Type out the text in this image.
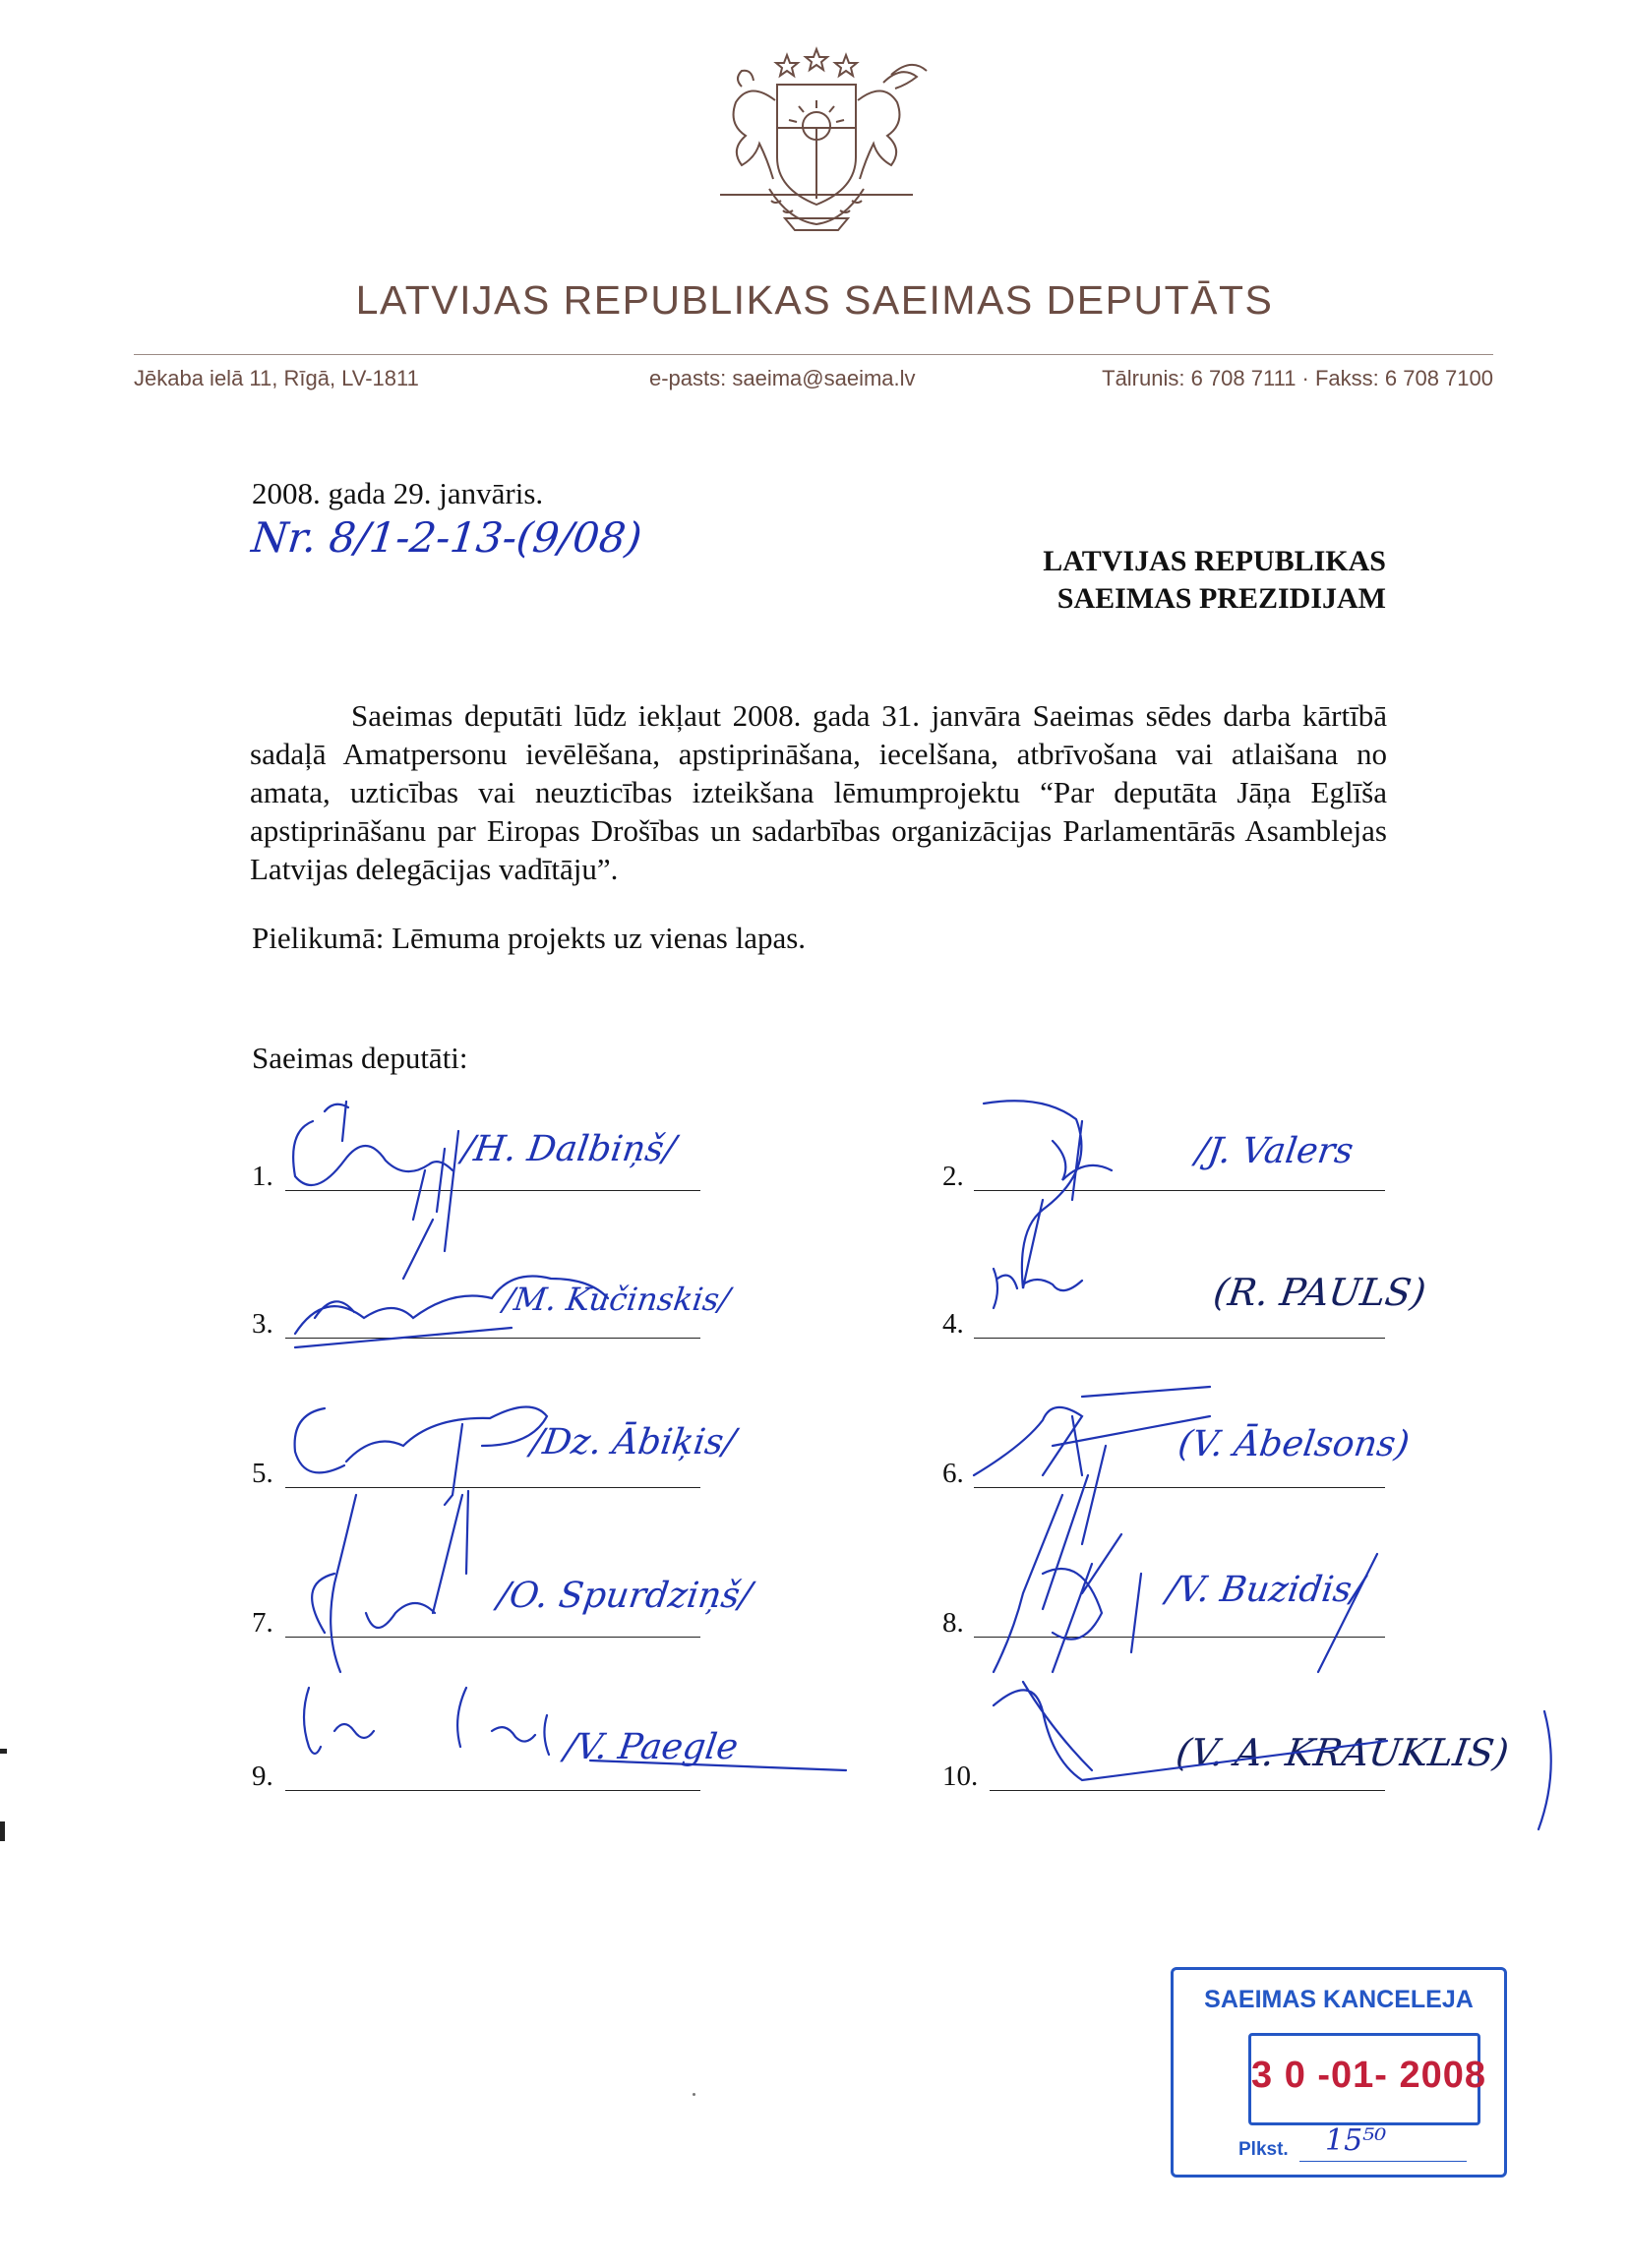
LATVIJAS REPUBLIKAS SAEIMAS DEPUTĀTS
Jēkaba ielā 11, Rīgā, LV-1811	e-pasts: saeima@saeima.lv	Tālrunis: 6 708 7111 · Fakss: 6 708 7100
2008. gada 29. janvāris.
Nr. 8/1-2-13-(9/08)	LATVIJAS REPUBLIKAS
SAEIMAS PREZIDIJAM
Saeimas deputāti lūdz iekļaut 2008. gada 31. janvāra Saeimas sēdes darba kārtībā sadaļā Amatpersonu ievēlēšana, apstiprināšana, iecelšana, atbrīvošana vai atlaišana no amata, uzticības vai neuzticības izteikšana lēmumprojektu “Par deputāta Jāņa Eglīša apstiprināšanu par Eiropas Drošības un sadarbības organizācijas Parlamentārās Asamblejas Latvijas delegācijas vadītāju”.
Pielikumā: Lēmuma projekts uz vienas lapas.
Saeimas deputāti:
1.
/H. Dalbiņš/
2.
/J. Valers
3.
/M. Kučinskis/
4.
(R. PAULS)
5.
/Dz. Ābiķis/
6.
(V. Ābelsons)
7.
/O. Spurdziņš/
8.
/V. Buzidis/
9.
/V. Paegle
10.
(V. A. KRAUKLIS)
SAEIMAS KANCELEJA
3 0 -01- 2008
Plkst. 15⁵⁰
